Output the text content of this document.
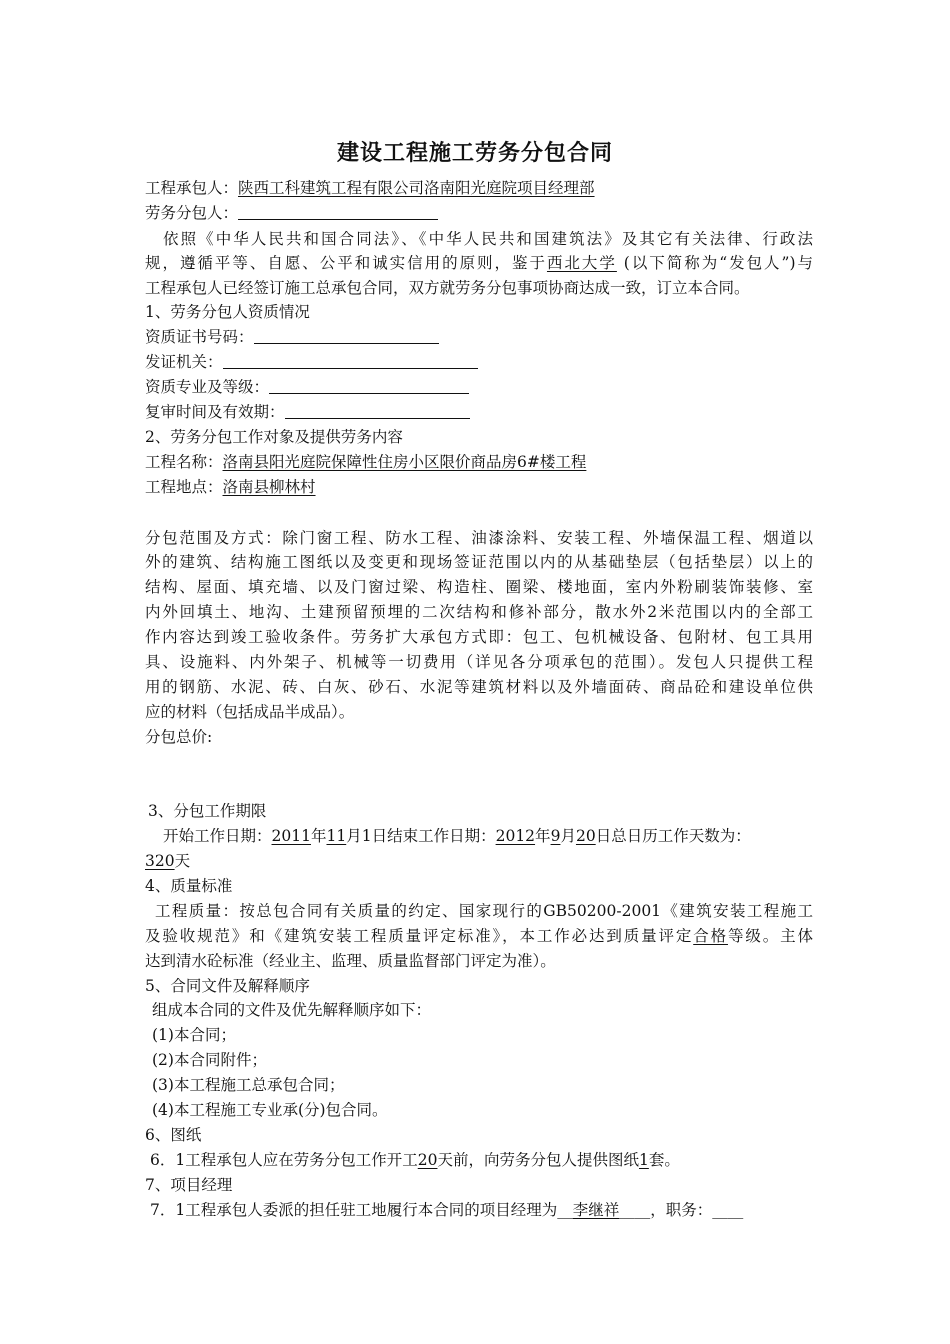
建设工程施工劳务分包合同
工程承包人：陕西工科建筑工程有限公司洛南阳光庭院项目经理部
劳务分包人：
依照《中华人民共和国合同法》、《中华人民共和国建筑法》及其它有关法律、行政法
规，遵循平等、自愿、公平和诚实信用的原则，鉴于西北大学 (以下简称为“发包人”)与
工程承包人已经签订施工总承包合同，双方就劳务分包事项协商达成一致，订立本合同。
1、劳务分包人资质情况
资质证书号码：
发证机关：
资质专业及等级：
复审时间及有效期：
2、劳务分包工作对象及提供劳务内容
工程名称：洛南县阳光庭院保障性住房小区限价商品房6#楼工程
工程地点：洛南县柳林村
分包范围及方式：除门窗工程、防水工程、油漆涂料、安装工程、外墙保温工程、烟道以
外的建筑、结构施工图纸以及变更和现场签证范围以内的从基础垫层（包括垫层）以上的
结构、屋面、填充墙、以及门窗过梁、构造柱、圈梁、楼地面，室内外粉刷装饰装修、室
内外回填土、地沟、土建预留预埋的二次结构和修补部分，散水外2米范围以内的全部工
作内容达到竣工验收条件。劳务扩大承包方式即：包工、包机械设备、包附材、包工具用
具、设施料、内外架子、机械等一切费用（详见各分项承包的范围）。发包人只提供工程
用的钢筋、水泥、砖、白灰、砂石、水泥等建筑材料以及外墙面砖、商品砼和建设单位供
应的材料（包括成品半成品）。
分包总价:
3、分包工作期限
开始工作日期：2011年11月1日结束工作日期：2012年9月20日总日历工作天数为：
320天
4、质量标准
工程质量：按总包合同有关质量的约定、国家现行的GB50200-2001《建筑安装工程施工
及验收规范》和《建筑安装工程质量评定标准》，本工作必达到质量评定合格等级。主体
达到清水砼标准（经业主、监理、质量监督部门评定为准）。
5、合同文件及解释顺序
组成本合同的文件及优先解释顺序如下：
(1)本合同；
(2)本合同附件；
(3)本工程施工总承包合同；
(4)本工程施工专业承(分)包合同。
6、图纸
6．1工程承包人应在劳务分包工作开工20天前，向劳务分包人提供图纸1套。
7、项目经理
7．1工程承包人委派的担任驻工地履行本合同的项目经理为__李继祥____，职务：____
